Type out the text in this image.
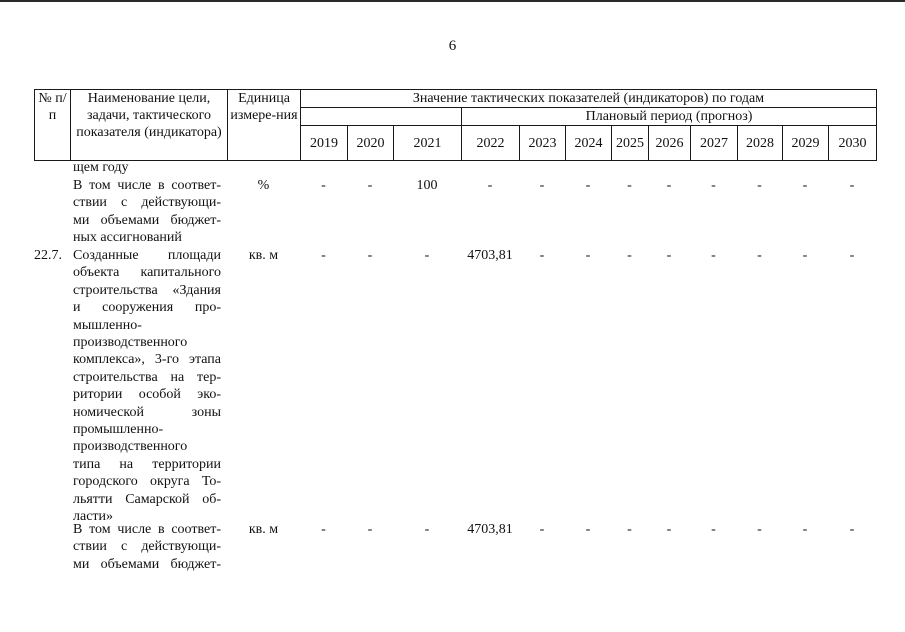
6
№ п/п	Наименование цели, задачи, тактического показателя (индикатора)	Единица измере-ния	Значение тактических показателей (индикаторов) по годам											
						Плановый период (прогноз)								
			2019	2020	2021	2022	2023	2024	2025	2026	2027	2028	2029	2030
щем году
В том числе в соответ-
ствии с действующи-
ми объемами бюджет-
ных ассигнований
%	-	-	100	-	-	-	-	-	-	-	-	-
22.7. Созданные площади
объекта капитального
строительства «Здания
и сооружения про-
мышленно-
производственного
комплекса», 3-го этапа
строительства на тер-
ритории особой эко-
номической зоны
промышленно-
производственного
типа на территории
городского округа То-
льятти Самарской об-
ласти»
кв. м	-	-	-	4703,81	-	-	-	-	-	-	-	-
В том числе в соответ-
ствии с действующи-
ми объемами бюджет-
кв. м	-	-	-	4703,81	-	-	-	-	-	-	-	-
